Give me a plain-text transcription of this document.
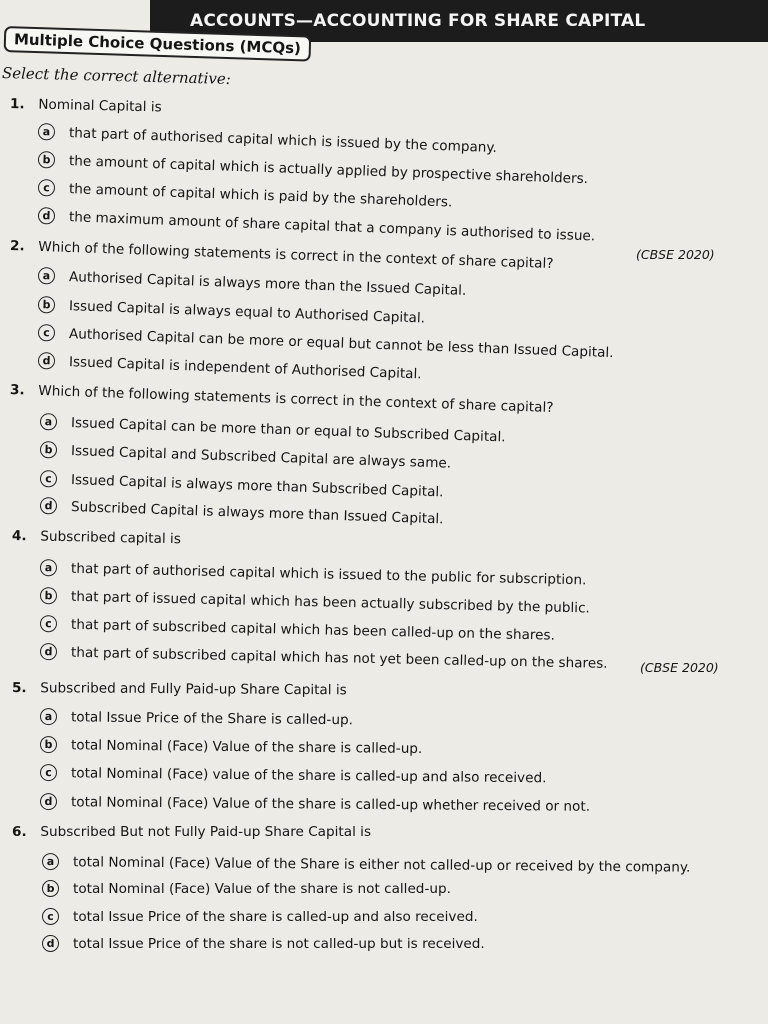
ACCOUNTS—ACCOUNTING FOR SHARE CAPITAL
Multiple Choice Questions (MCQs)
Select the correct alternative:
1. Nominal Capital is
a	that part of authorised capital which is issued by the company.
b	the amount of capital which is actually applied by prospective shareholders.
c	the amount of capital which is paid by the shareholders.
d	the maximum amount of share capital that a company is authorised to issue.
(CBSE 2020)
2. Which of the following statements is correct in the context of share capital?
a	Authorised Capital is always more than the Issued Capital.
b	Issued Capital is always equal to Authorised Capital.
c	Authorised Capital can be more or equal but cannot be less than Issued Capital.
d	Issued Capital is independent of Authorised Capital.
3. Which of the following statements is correct in the context of share capital?
a	Issued Capital can be more than or equal to Subscribed Capital.
b	Issued Capital and Subscribed Capital are always same.
c	Issued Capital is always more than Subscribed Capital.
d	Subscribed Capital is always more than Issued Capital.
4. Subscribed capital is
a	that part of authorised capital which is issued to the public for subscription.
b	that part of issued capital which has been actually subscribed by the public.
c	that part of subscribed capital which has been called-up on the shares.
d	that part of subscribed capital which has not yet been called-up on the shares.	(CBSE 2020)
5. Subscribed and Fully Paid-up Share Capital is
a	total Issue Price of the Share is called-up.
b	total Nominal (Face) Value of the share is called-up.
c	total Nominal (Face) value of the share is called-up and also received.
d	total Nominal (Face) Value of the share is called-up whether received or not.
6. Subscribed But not Fully Paid-up Share Capital is
a	total Nominal (Face) Value of the Share is either not called-up or received by the company.
b	total Nominal (Face) Value of the share is not called-up.
c	total Issue Price of the share is called-up and also received.
d	total Issue Price of the share is not called-up but is received.
